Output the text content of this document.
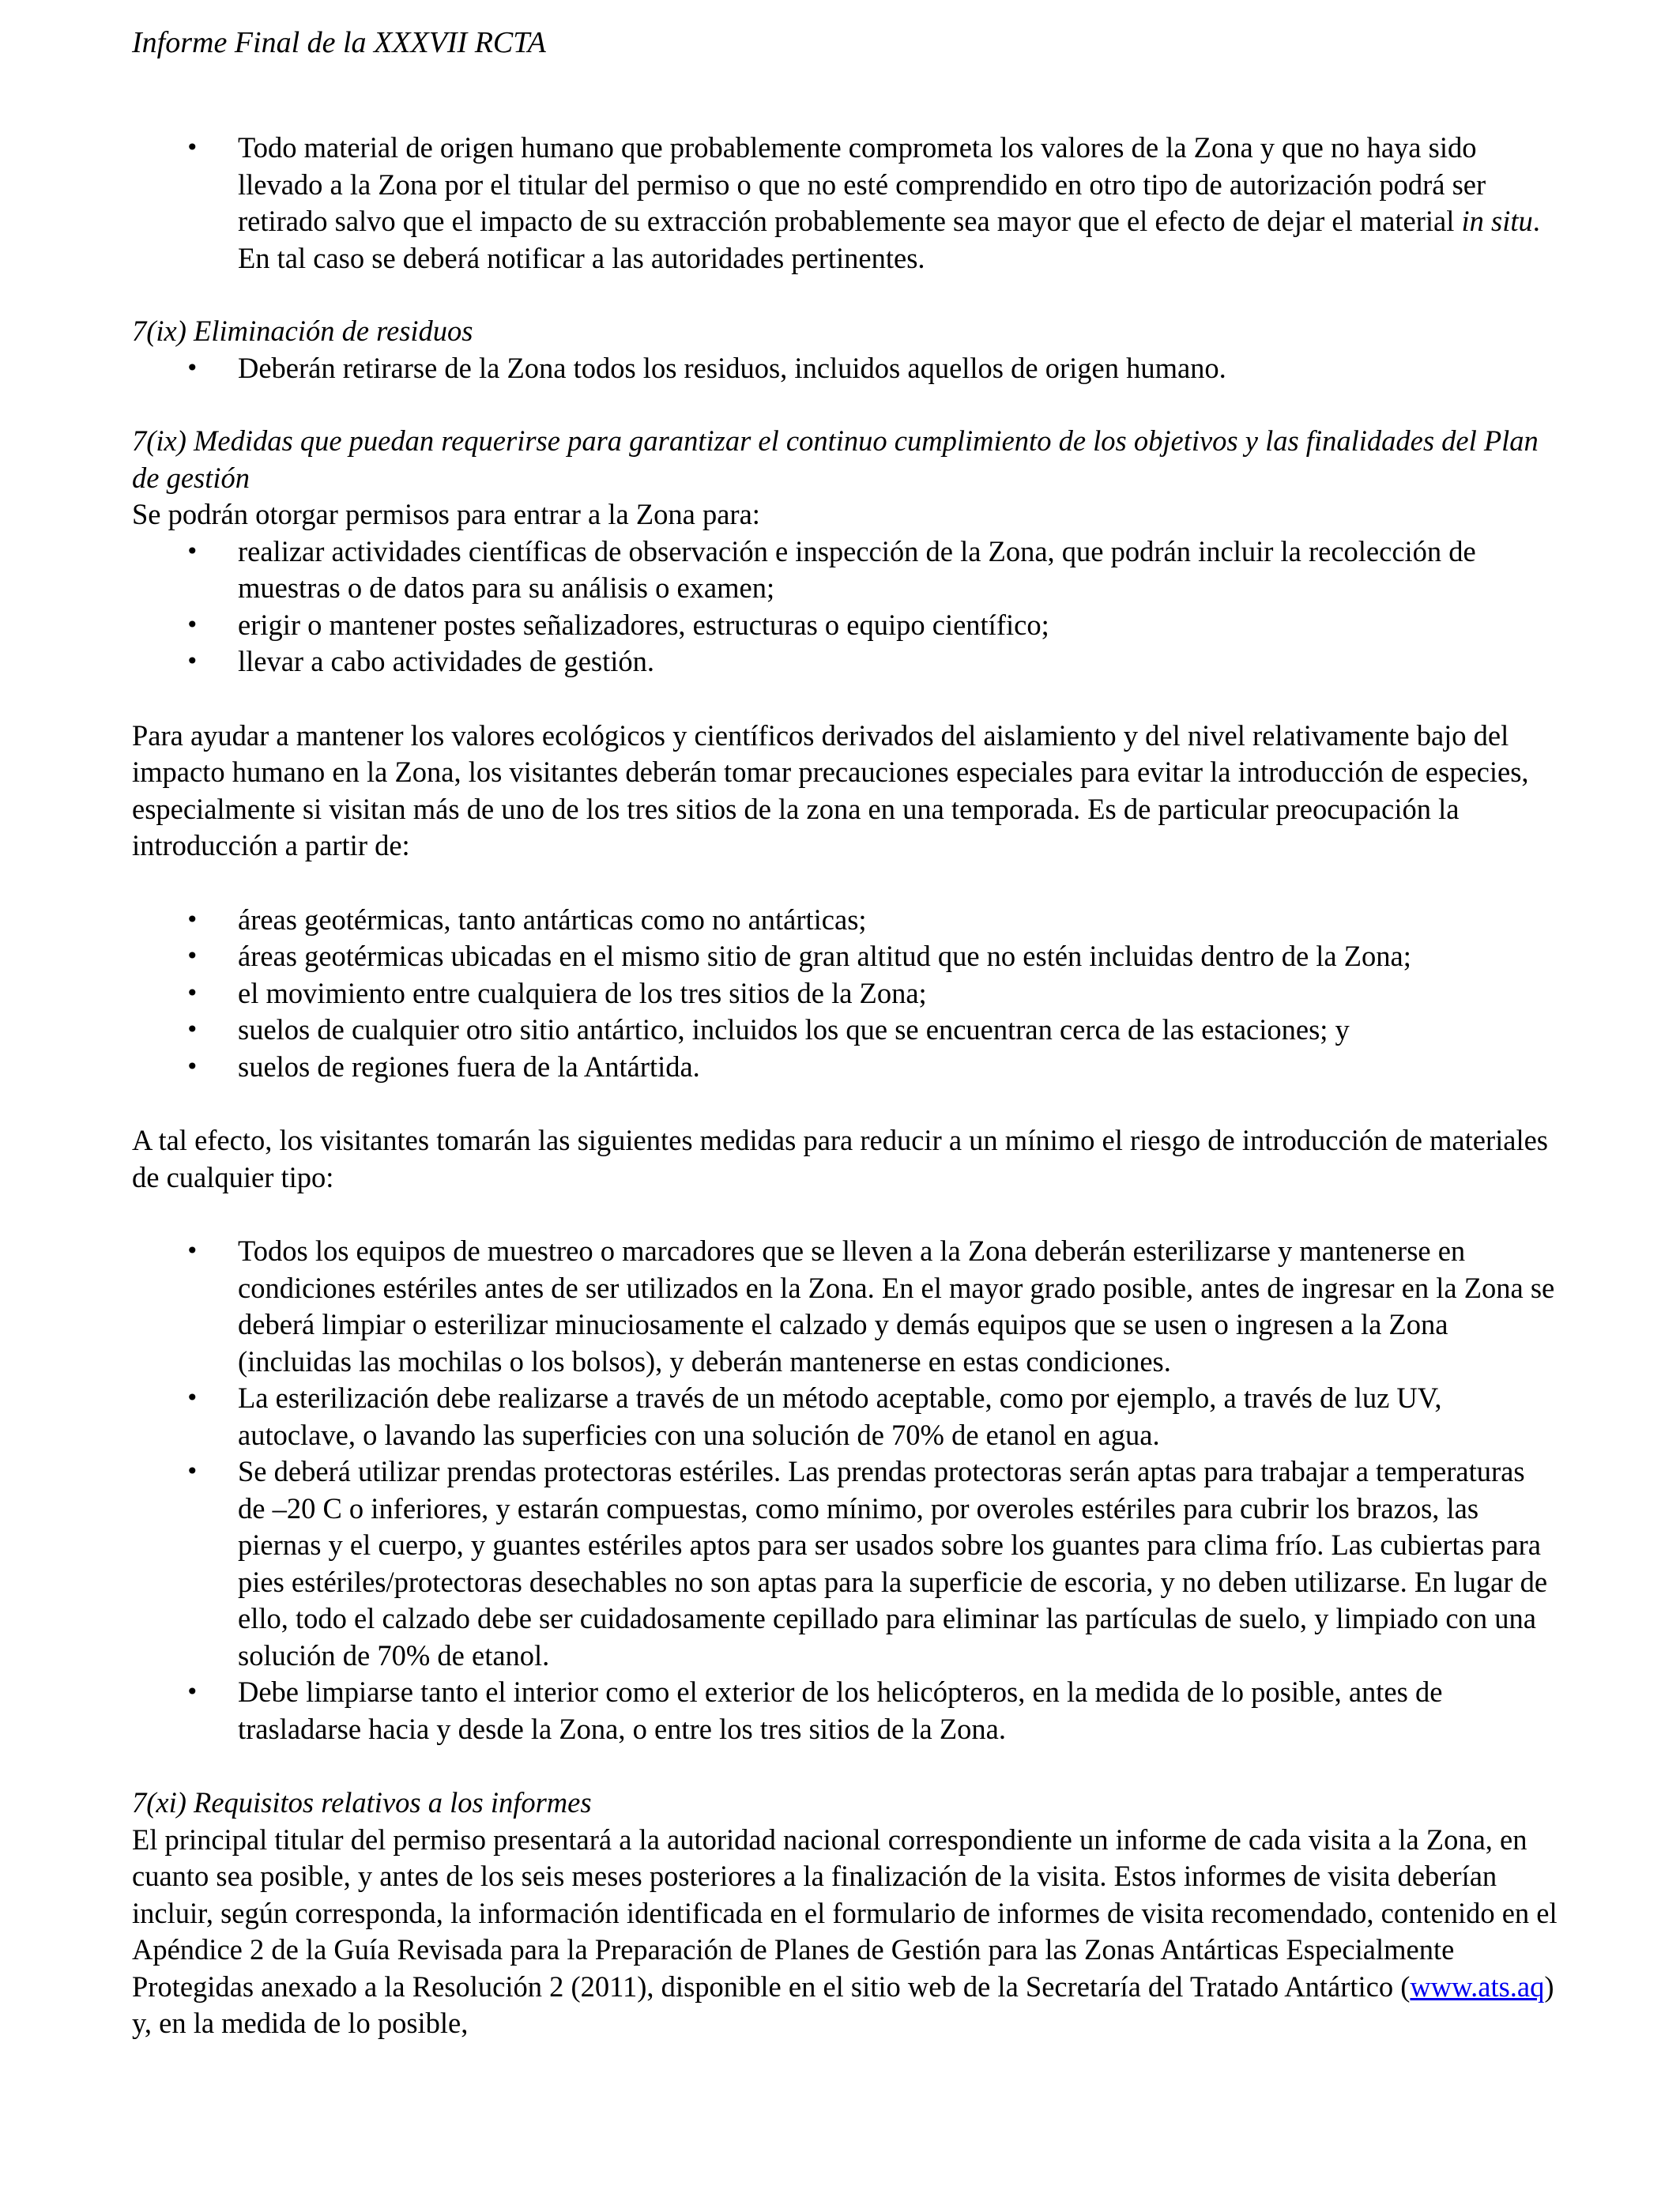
Informe Final de la XXXVII RCTA
• Todo material de origen humano que probablemente comprometa los valores de la Zona y que no haya sido llevado a la Zona por el titular del permiso o que no esté comprendido en otro tipo de autorización podrá ser retirado salvo que el impacto de su extracción probablemente sea mayor que el efecto de dejar el material in situ. En tal caso se deberá notificar a las autoridades pertinentes.

7(ix) Eliminación de residuos

• Deberán retirarse de la Zona todos los residuos, incluidos aquellos de origen humano.

7(ix) Medidas que puedan requerirse para garantizar el continuo cumplimiento de los objetivos y las finalidades del Plan de gestión

Se podrán otorgar permisos para entrar a la Zona para:

• realizar actividades científicas de observación e inspección de la Zona, que podrán incluir la recolección de muestras o de datos para su análisis o examen;
• erigir o mantener postes señalizadores, estructuras o equipo científico;
• llevar a cabo actividades de gestión.

Para ayudar a mantener los valores ecológicos y científicos derivados del aislamiento y del nivel relativamente bajo del impacto humano en la Zona, los visitantes deberán tomar precauciones especiales para evitar la introducción de especies, especialmente si visitan más de uno de los tres sitios de la zona en una temporada. Es de particular preocupación la introducción a partir de:

• áreas geotérmicas, tanto antárticas como no antárticas;
• áreas geotérmicas ubicadas en el mismo sitio de gran altitud que no estén incluidas dentro de la Zona;
• el movimiento entre cualquiera de los tres sitios de la Zona;
• suelos de cualquier otro sitio antártico, incluidos los que se encuentran cerca de las estaciones; y
• suelos de regiones fuera de la Antártida.

A tal efecto, los visitantes tomarán las siguientes medidas para reducir a un mínimo el riesgo de introducción de materiales de cualquier tipo:

• Todos los equipos de muestreo o marcadores que se lleven a la Zona deberán esterilizarse y mantenerse en condiciones estériles antes de ser utilizados en la Zona. En el mayor grado posible, antes de ingresar en la Zona se deberá limpiar o esterilizar minuciosamente el calzado y demás equipos que se usen o ingresen a la Zona (incluidas las mochilas o los bolsos), y deberán mantenerse en estas condiciones.
• La esterilización debe realizarse a través de un método aceptable, como por ejemplo, a través de luz UV, autoclave, o lavando las superficies con una solución de 70% de etanol en agua.
• Se deberá utilizar prendas protectoras estériles. Las prendas protectoras serán aptas para trabajar a temperaturas de –20 C o inferiores, y estarán compuestas, como mínimo, por overoles estériles para cubrir los brazos, las piernas y el cuerpo, y guantes estériles aptos para ser usados sobre los guantes para clima frío. Las cubiertas para pies estériles/protectoras desechables no son aptas para la superficie de escoria, y no deben utilizarse. En lugar de ello, todo el calzado debe ser cuidadosamente cepillado para eliminar las partículas de suelo, y limpiado con una solución de 70% de etanol.
• Debe limpiarse tanto el interior como el exterior de los helicópteros, en la medida de lo posible, antes de trasladarse hacia y desde la Zona, o entre los tres sitios de la Zona.

7(xi) Requisitos relativos a los informes

El principal titular del permiso presentará a la autoridad nacional correspondiente un informe de cada visita a la Zona, en cuanto sea posible, y antes de los seis meses posteriores a la finalización de la visita. Estos informes de visita deberían incluir, según corresponda, la información identificada en el formulario de informes de visita recomendado, contenido en el Apéndice 2 de la Guía Revisada para la Preparación de Planes de Gestión para las Zonas Antárticas Especialmente Protegidas anexado a la Resolución 2 (2011), disponible en el sitio web de la Secretaría del Tratado Antártico (www.ats.aq) y, en la medida de lo posible,
